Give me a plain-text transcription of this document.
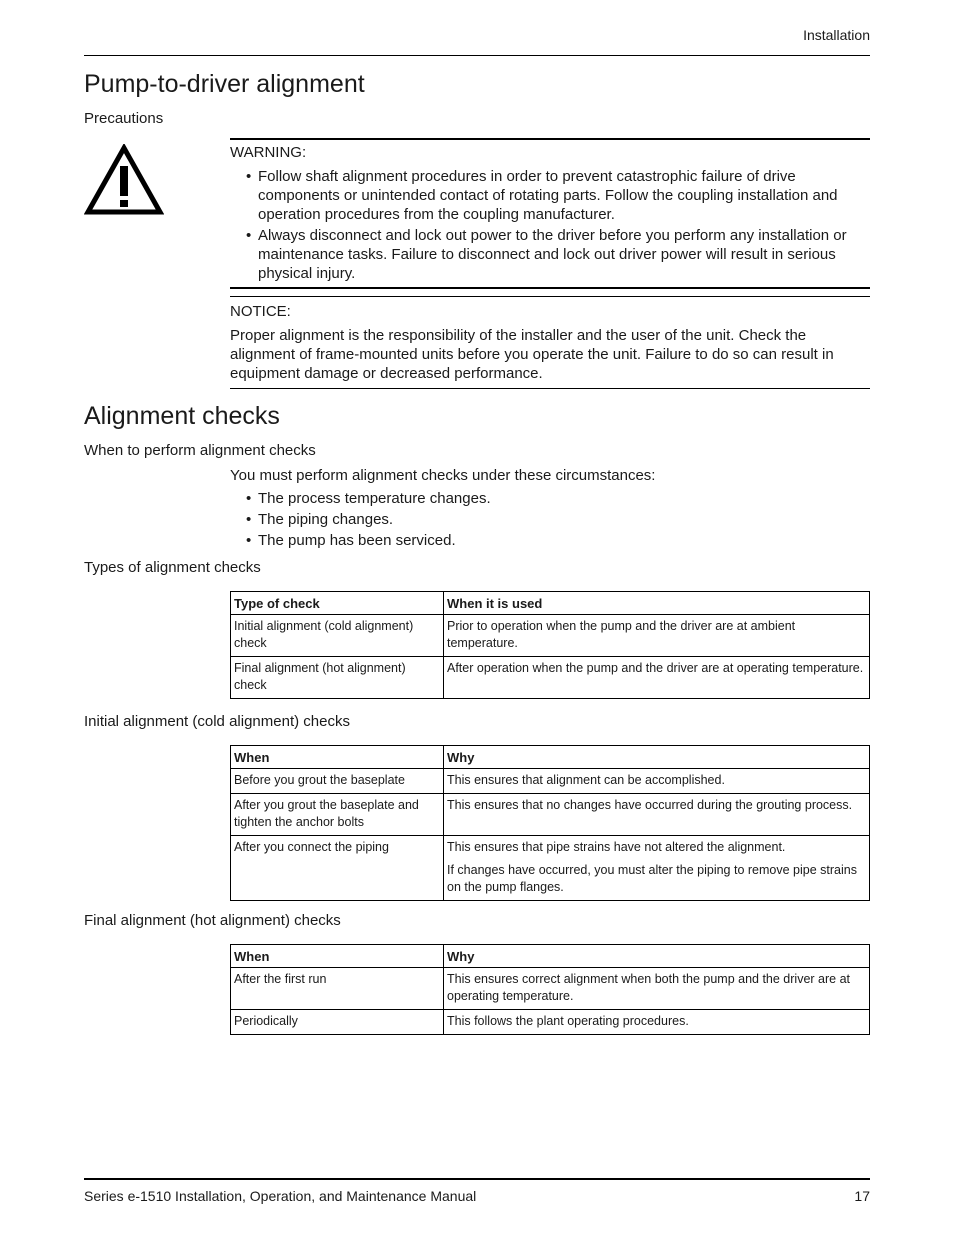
Installation
Pump-to-driver alignment
Precautions
WARNING:
• Follow shaft alignment procedures in order to prevent catastrophic failure of drive components or unintended contact of rotating parts. Follow the coupling installation and operation procedures from the coupling manufacturer.
• Always disconnect and lock out power to the driver before you perform any installation or maintenance tasks. Failure to disconnect and lock out driver power will result in serious physical injury.
NOTICE:
Proper alignment is the responsibility of the installer and the user of the unit. Check the alignment of frame-mounted units before you operate the unit. Failure to do so can result in equipment damage or decreased performance.
Alignment checks
When to perform alignment checks
You must perform alignment checks under these circumstances:
• The process temperature changes.
• The piping changes.
• The pump has been serviced.
Types of alignment checks
Type of check	When it is used
Initial alignment (cold alignment) check	Prior to operation when the pump and the driver are at ambient temperature.
Final alignment (hot alignment) check	After operation when the pump and the driver are at operating temperature.
Initial alignment (cold alignment) checks
When	Why
Before you grout the baseplate	This ensures that alignment can be accomplished.
After you grout the baseplate and tighten the anchor bolts	This ensures that no changes have occurred during the grouting process.
After you connect the piping	This ensures that pipe strains have not altered the alignment.

If changes have occurred, you must alter the piping to remove pipe strains on the pump flanges.

Final alignment (hot alignment) checks
When	Why
After the first run	This ensures correct alignment when both the pump and the driver are at operating temperature.
Periodically	This follows the plant operating procedures.
Series e-1510 Installation, Operation, and Maintenance Manual	17
